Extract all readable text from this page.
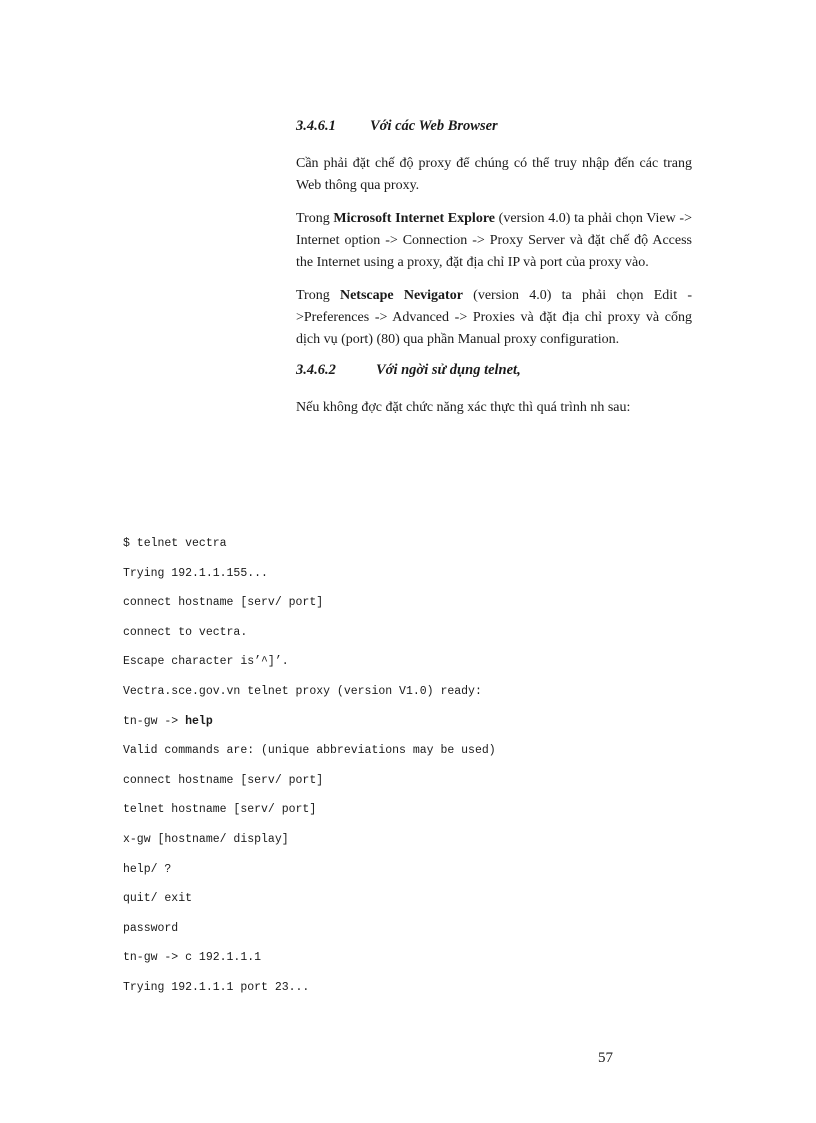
3.4.6.1 Với các Web Browser

Cần phải đặt chế độ proxy để chúng có thể truy nhập đến các trang Web thông qua proxy.

Trong Microsoft Internet Explore (version 4.0) ta phải chọn View -> Internet option -> Connection -> Proxy Server và đặt chế độ Access the Internet using a proxy, đặt địa chỉ IP và port của proxy vào.

Trong Netscape Nevigator (version 4.0) ta phải chọn Edit ->Preferences -> Advanced -> Proxies và đặt địa chỉ proxy và cổng dịch vụ (port) (80) qua phần Manual proxy configuration.

3.4.6.2	Với ngời sử dụng telnet,

Nếu không đợc đặt chức năng xác thực thì quá trình nh sau:

$ telnet vectra
Trying 192.1.1.155...
connect hostname [serv/ port]
connect to vectra.
Escape character is’^]’.
Vectra.sce.gov.vn telnet proxy (version V1.0) ready:
tn-gw -> help
Valid commands are: (unique abbreviations may be used)
connect hostname [serv/ port]
telnet hostname [serv/ port]
x-gw [hostname/ display]
help/ ?
quit/ exit
password
tn-gw -> c 192.1.1.1
Trying 192.1.1.1 port 23...
57
